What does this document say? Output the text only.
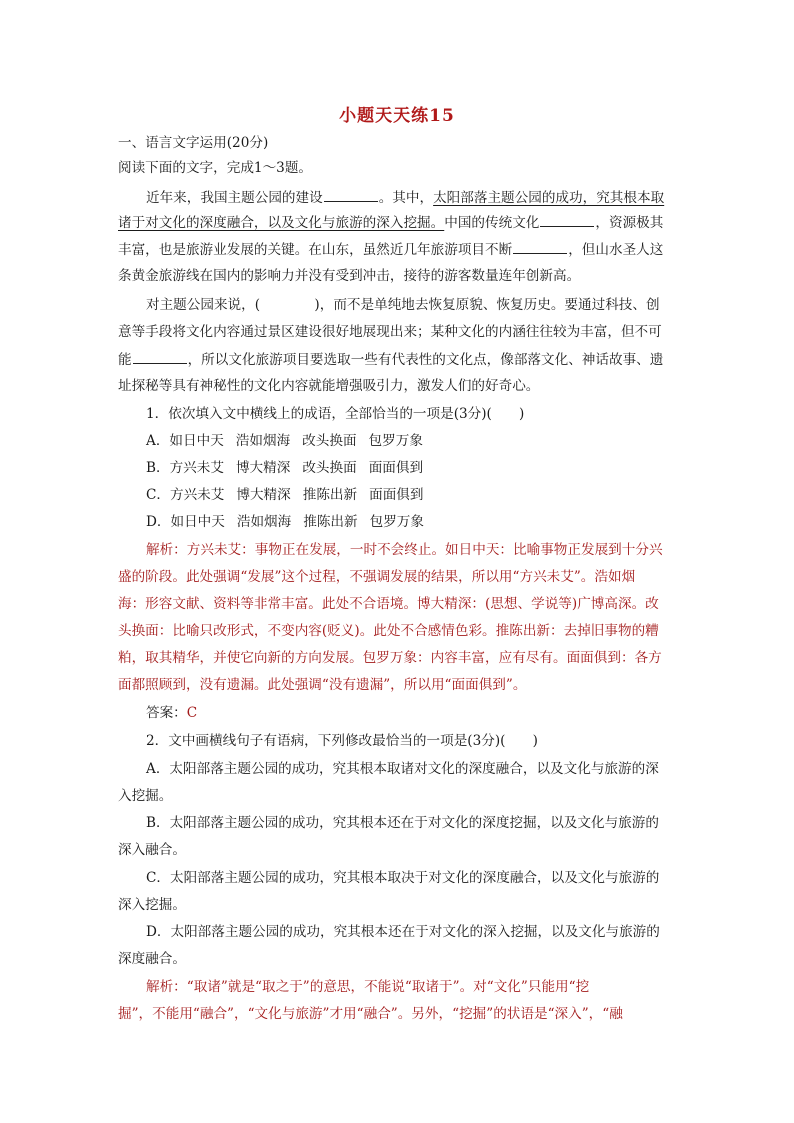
小题天天练15
一、语言文字运用(20分)
阅读下面的文字，完成1～3题。
近年来，我国主题公园的建设	。其中，太阳部落主题公园的成功，究其根本取
诸于对文化的深度融合，以及文化与旅游的深入挖掘。中国的传统文化	，资源极其
丰富，也是旅游业发展的关键。在山东，虽然近几年旅游项目不断	，但山水圣人这
条黄金旅游线在国内的影响力并没有受到冲击，接待的游客数量连年创新高。
对主题公园来说，(　　　　)，而不是单纯地去恢复原貌、恢复历史。要通过科技、创
意等手段将文化内容通过景区建设很好地展现出来；某种文化的内涵往往较为丰富，但不可
能	，所以文化旅游项目要选取一些有代表性的文化点，像部落文化、神话故事、遗
址探秘等具有神秘性的文化内容就能增强吸引力，激发人们的好奇心。
1．依次填入文中横线上的成语，全部恰当的一项是(3分)(　　)
A．如日中天 浩如烟海 改头换面 包罗万象
B．方兴未艾 博大精深 改头换面 面面俱到
C．方兴未艾 博大精深 推陈出新 面面俱到
D．如日中天 浩如烟海 推陈出新 包罗万象
解析：方兴未艾：事物正在发展，一时不会终止。如日中天：比喻事物正发展到十分兴
盛的阶段。此处强调“发展”这个过程，不强调发展的结果，所以用“方兴未艾”。浩如烟
海：形容文献、资料等非常丰富。此处不合语境。博大精深：(思想、学说等)广博高深。改
头换面：比喻只改形式，不变内容(贬义)。此处不合感情色彩。推陈出新：去掉旧事物的糟
粕，取其精华，并使它向新的方向发展。包罗万象：内容丰富，应有尽有。面面俱到：各方
面都照顾到，没有遗漏。此处强调“没有遗漏”，所以用“面面俱到”。
答案：C
2．文中画横线句子有语病，下列修改最恰当的一项是(3分)(　　)
A．太阳部落主题公园的成功，究其根本取诸对文化的深度融合，以及文化与旅游的深
入挖掘。
B．太阳部落主题公园的成功，究其根本还在于对文化的深度挖掘，以及文化与旅游的
深入融合。
C．太阳部落主题公园的成功，究其根本取决于对文化的深度融合，以及文化与旅游的
深入挖掘。
D．太阳部落主题公园的成功，究其根本还在于对文化的深入挖掘，以及文化与旅游的
深度融合。
解析：“取诸”就是“取之于”的意思，不能说“取诸于”。对“文化”只能用“挖
掘”，不能用“融合”，“文化与旅游”才用“融合”。另外，“挖掘”的状语是“深入”，“融
